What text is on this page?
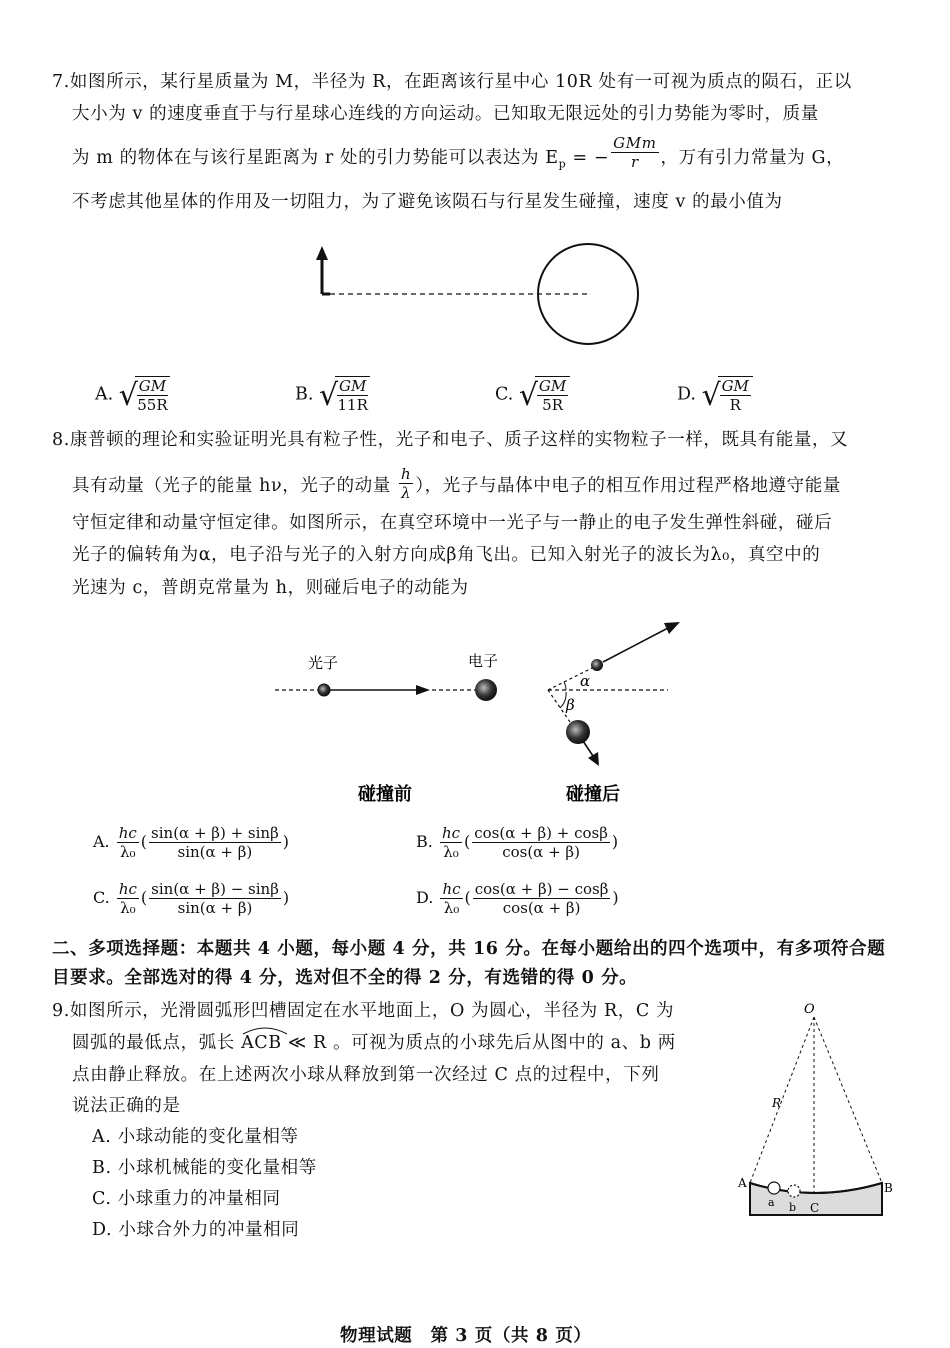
7.如图所示，某行星质量为 M，半径为 R，在距离该行星中心 10R 处有一可视为质点的陨石，正以
大小为 v 的速度垂直于与行星球心连线的方向运动。已知取无限远处的引力势能为零时，质量
为 m 的物体在与该行星距离为 r 处的引力势能可以表达为 $E_p$ = − $\frac{\text{GMm}}{r}$ ，万有引力常量为 G，
不考虑其他星体的作用及一切阻力，为了避免该陨石与行星发生碰撞，速度 v 的最小值为
A. √
$\frac{GM}{55R}$	B. √
$\frac{GM}{11R}$	C. √
$\frac{GM}{5R}$	D. √
$\frac{GM}{R}$
8.康普顿的理论和实验证明光具有粒子性，光子和电子、质子这样的实物粒子一样，既具有能量，又
具有动量（光子的能量 hν，光子的动量 $\frac{h}{\lambda}$ ），光子与晶体中电子的相互作用过程严格地遵守能量
守恒定律和动量守恒定律。如图所示，在真空环境中一光子与一静止的电子发生弹性斜碰，碰后
光子的偏转角为α，电子沿与光子的入射方向成β角飞出。已知入射光子的波长为λ₀，真空中的
光速为 c，普朗克常量为 h，则碰后电子的动能为
光子	电子
α
β
碰撞前	碰撞后
A. $\frac{hc}{\text{λ₀}}$ ( $\frac{\sin(\alpha + \beta) + \sin\beta}{\sin(\alpha + \beta)}$ )	B. $\frac{hc}{\text{λ₀}}$ ( $\frac{\cos(\alpha + \beta) + \cos\beta}{\cos(\alpha + \beta)}$ )
C. $\frac{hc}{\text{λ₀}}$ ( $\frac{\sin(\alpha + \beta) - \sin\beta}{\sin(\alpha + \beta)}$ )	D. $\frac{hc}{\text{λ₀}}$ ( $\frac{\cos(\alpha + \beta) - \cos\beta}{\cos(\alpha + \beta)}$ )
二、多项选择题：本题共 4 小题，每小题 4 分，共 16 分。在每小题给出的四个选项中，有多项符合题
目要求。全部选对的得 4 分，选对但不全的得 2 分，有选错的得 0 分。
9.如图所示，光滑圆弧形凹槽固定在水平地面上，O 为圆心，半径为 R，C 为
圆弧的最低点，弧长
ACB ≪ R 。可视为质点的小球先后从图中的 a、b 两
点由静止释放。在上述两次小球从释放到第一次经过 C 点的过程中，下列
说法正确的是
A. 小球动能的变化量相等
B. 小球机械能的变化量相等
C. 小球重力的冲量相同
D. 小球合外力的冲量相同
O
R
A	B
a b C
物理试题　第 3 页（共 8 页）
